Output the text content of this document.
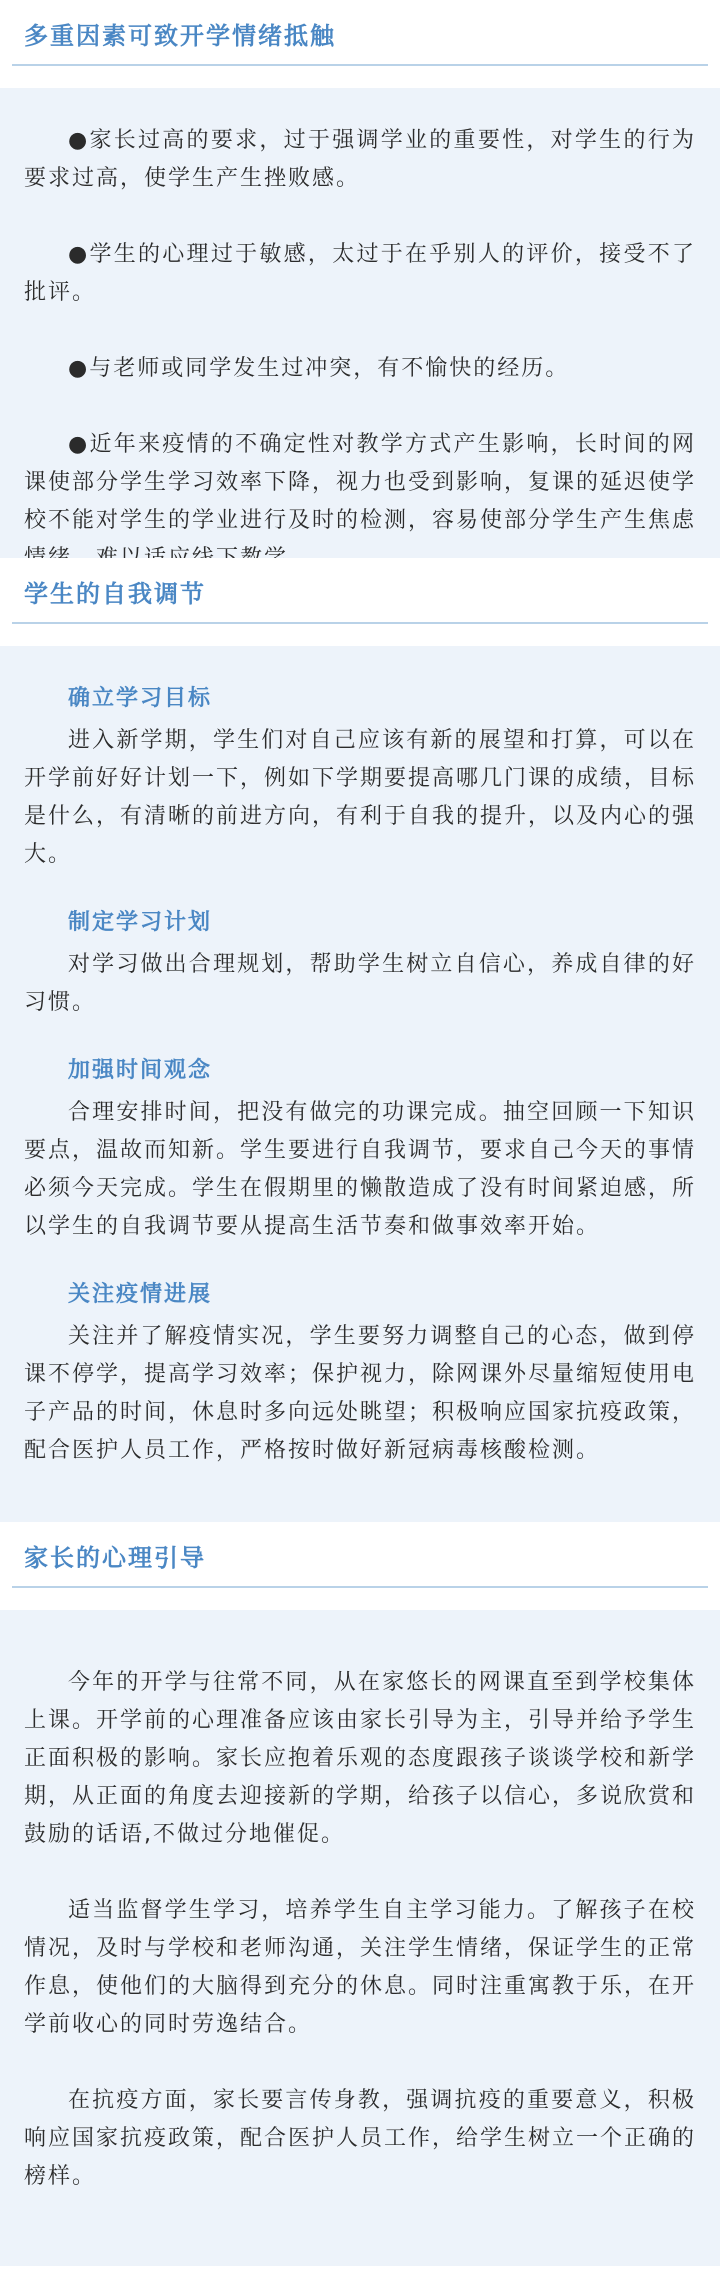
多重因素可致开学情绪抵触

●家长过高的要求，过于强调学业的重要性，对学生的行为要求过高，使学生产生挫败感。

●学生的心理过于敏感，太过于在乎别人的评价，接受不了批评。

●与老师或同学发生过冲突，有不愉快的经历。

●近年来疫情的不确定性对教学方式产生影响，长时间的网课使部分学生学习效率下降，视力也受到影响，复课的延迟使学校不能对学生的学业进行及时的检测，容易使部分学生产生焦虑

学生的自我调节

确立学习目标

进入新学期，学生们对自己应该有新的展望和打算，可以在开学前好好计划一下，例如下学期要提高哪几门课的成绩，目标是什么，有清晰的前进方向，有利于自我的提升，以及内心的强大。

制定学习计划

对学习做出合理规划，帮助学生树立自信心，养成自律的好习惯。

加强时间观念

合理安排时间，把没有做完的功课完成。抽空回顾一下知识要点，温故而知新。学生要进行自我调节，要求自己今天的事情必须今天完成。学生在假期里的懒散造成了没有时间紧迫感，所以学生的自我调节要从提高生活节奏和做事效率开始。

关注疫情进展

关注并了解疫情实况，学生要努力调整自己的心态，做到停课不停学，提高学习效率；保护视力，除网课外尽量缩短使用电子产品的时间，休息时多向远处眺望；积极响应国家抗疫政策，配合医护人员工作，严格按时做好新冠病毒核酸检测。

家长的心理引导

今年的开学与往常不同，从在家悠长的网课直至到学校集体上课。开学前的心理准备应该由家长引导为主，引导并给予学生正面积极的影响。家长应抱着乐观的态度跟孩子谈谈学校和新学期，从正面的角度去迎接新的学期，给孩子以信心，多说欣赏和鼓励的话语,不做过分地催促。

适当监督学生学习，培养学生自主学习能力。了解孩子在校情况，及时与学校和老师沟通，关注学生情绪，保证学生的正常作息，使他们的大脑得到充分的休息。同时注重寓教于乐，在开学前收心的同时劳逸结合。

在抗疫方面，家长要言传身教，强调抗疫的重要意义，积极响应国家抗疫政策，配合医护人员工作，给学生树立一个正确的榜样。
